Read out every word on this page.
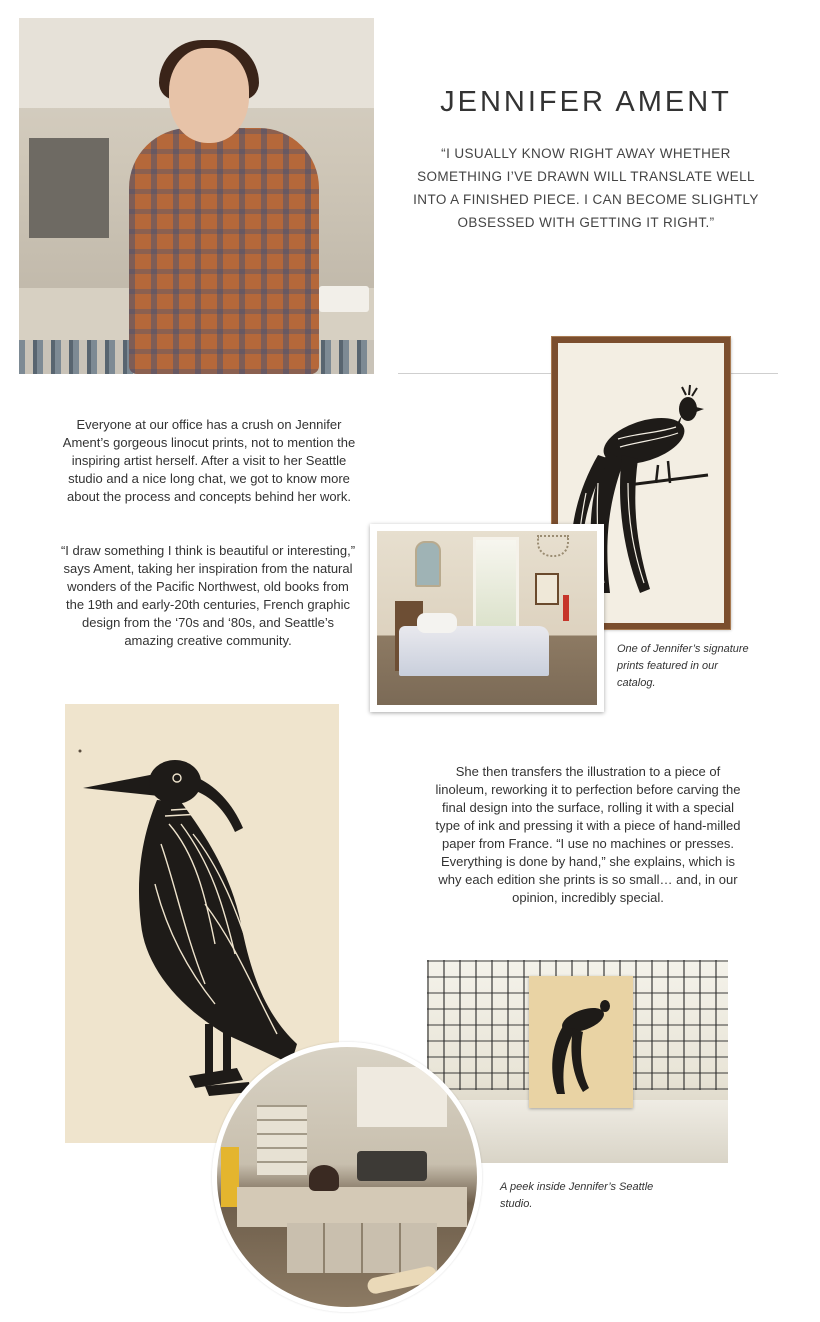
JENNIFER AMENT

“I USUALLY KNOW RIGHT AWAY WHETHER SOMETHING I’VE DRAWN WILL TRANSLATE WELL INTO A FINISHED PIECE. I CAN BECOME SLIGHTLY OBSESSED WITH GETTING IT RIGHT.”

One of Jennifer’s signature prints featured in our catalog.

Everyone at our office has a crush on Jennifer Ament’s gorgeous linocut prints, not to mention the inspiring artist herself. After a visit to her Seattle studio and a nice long chat, we got to know more about the process and concepts behind her work.

“I draw something I think is beautiful or interesting,” says Ament, taking her inspiration from the natural wonders of the Pacific Northwest, old books from the 19th and early-20th centuries, French graphic design from the ‘70s and ‘80s, and Seattle’s amazing creative community.

She then transfers the illustration to a piece of linoleum, reworking it to perfection before carving the final design into the surface, rolling it with a special type of ink and pressing it with a piece of hand-milled paper from France. “I use no machines or presses. Everything is done by hand,” she explains, which is why each edition she prints is so small… and, in our opinion, incredibly special.

A peek inside Jennifer’s Seattle studio.
